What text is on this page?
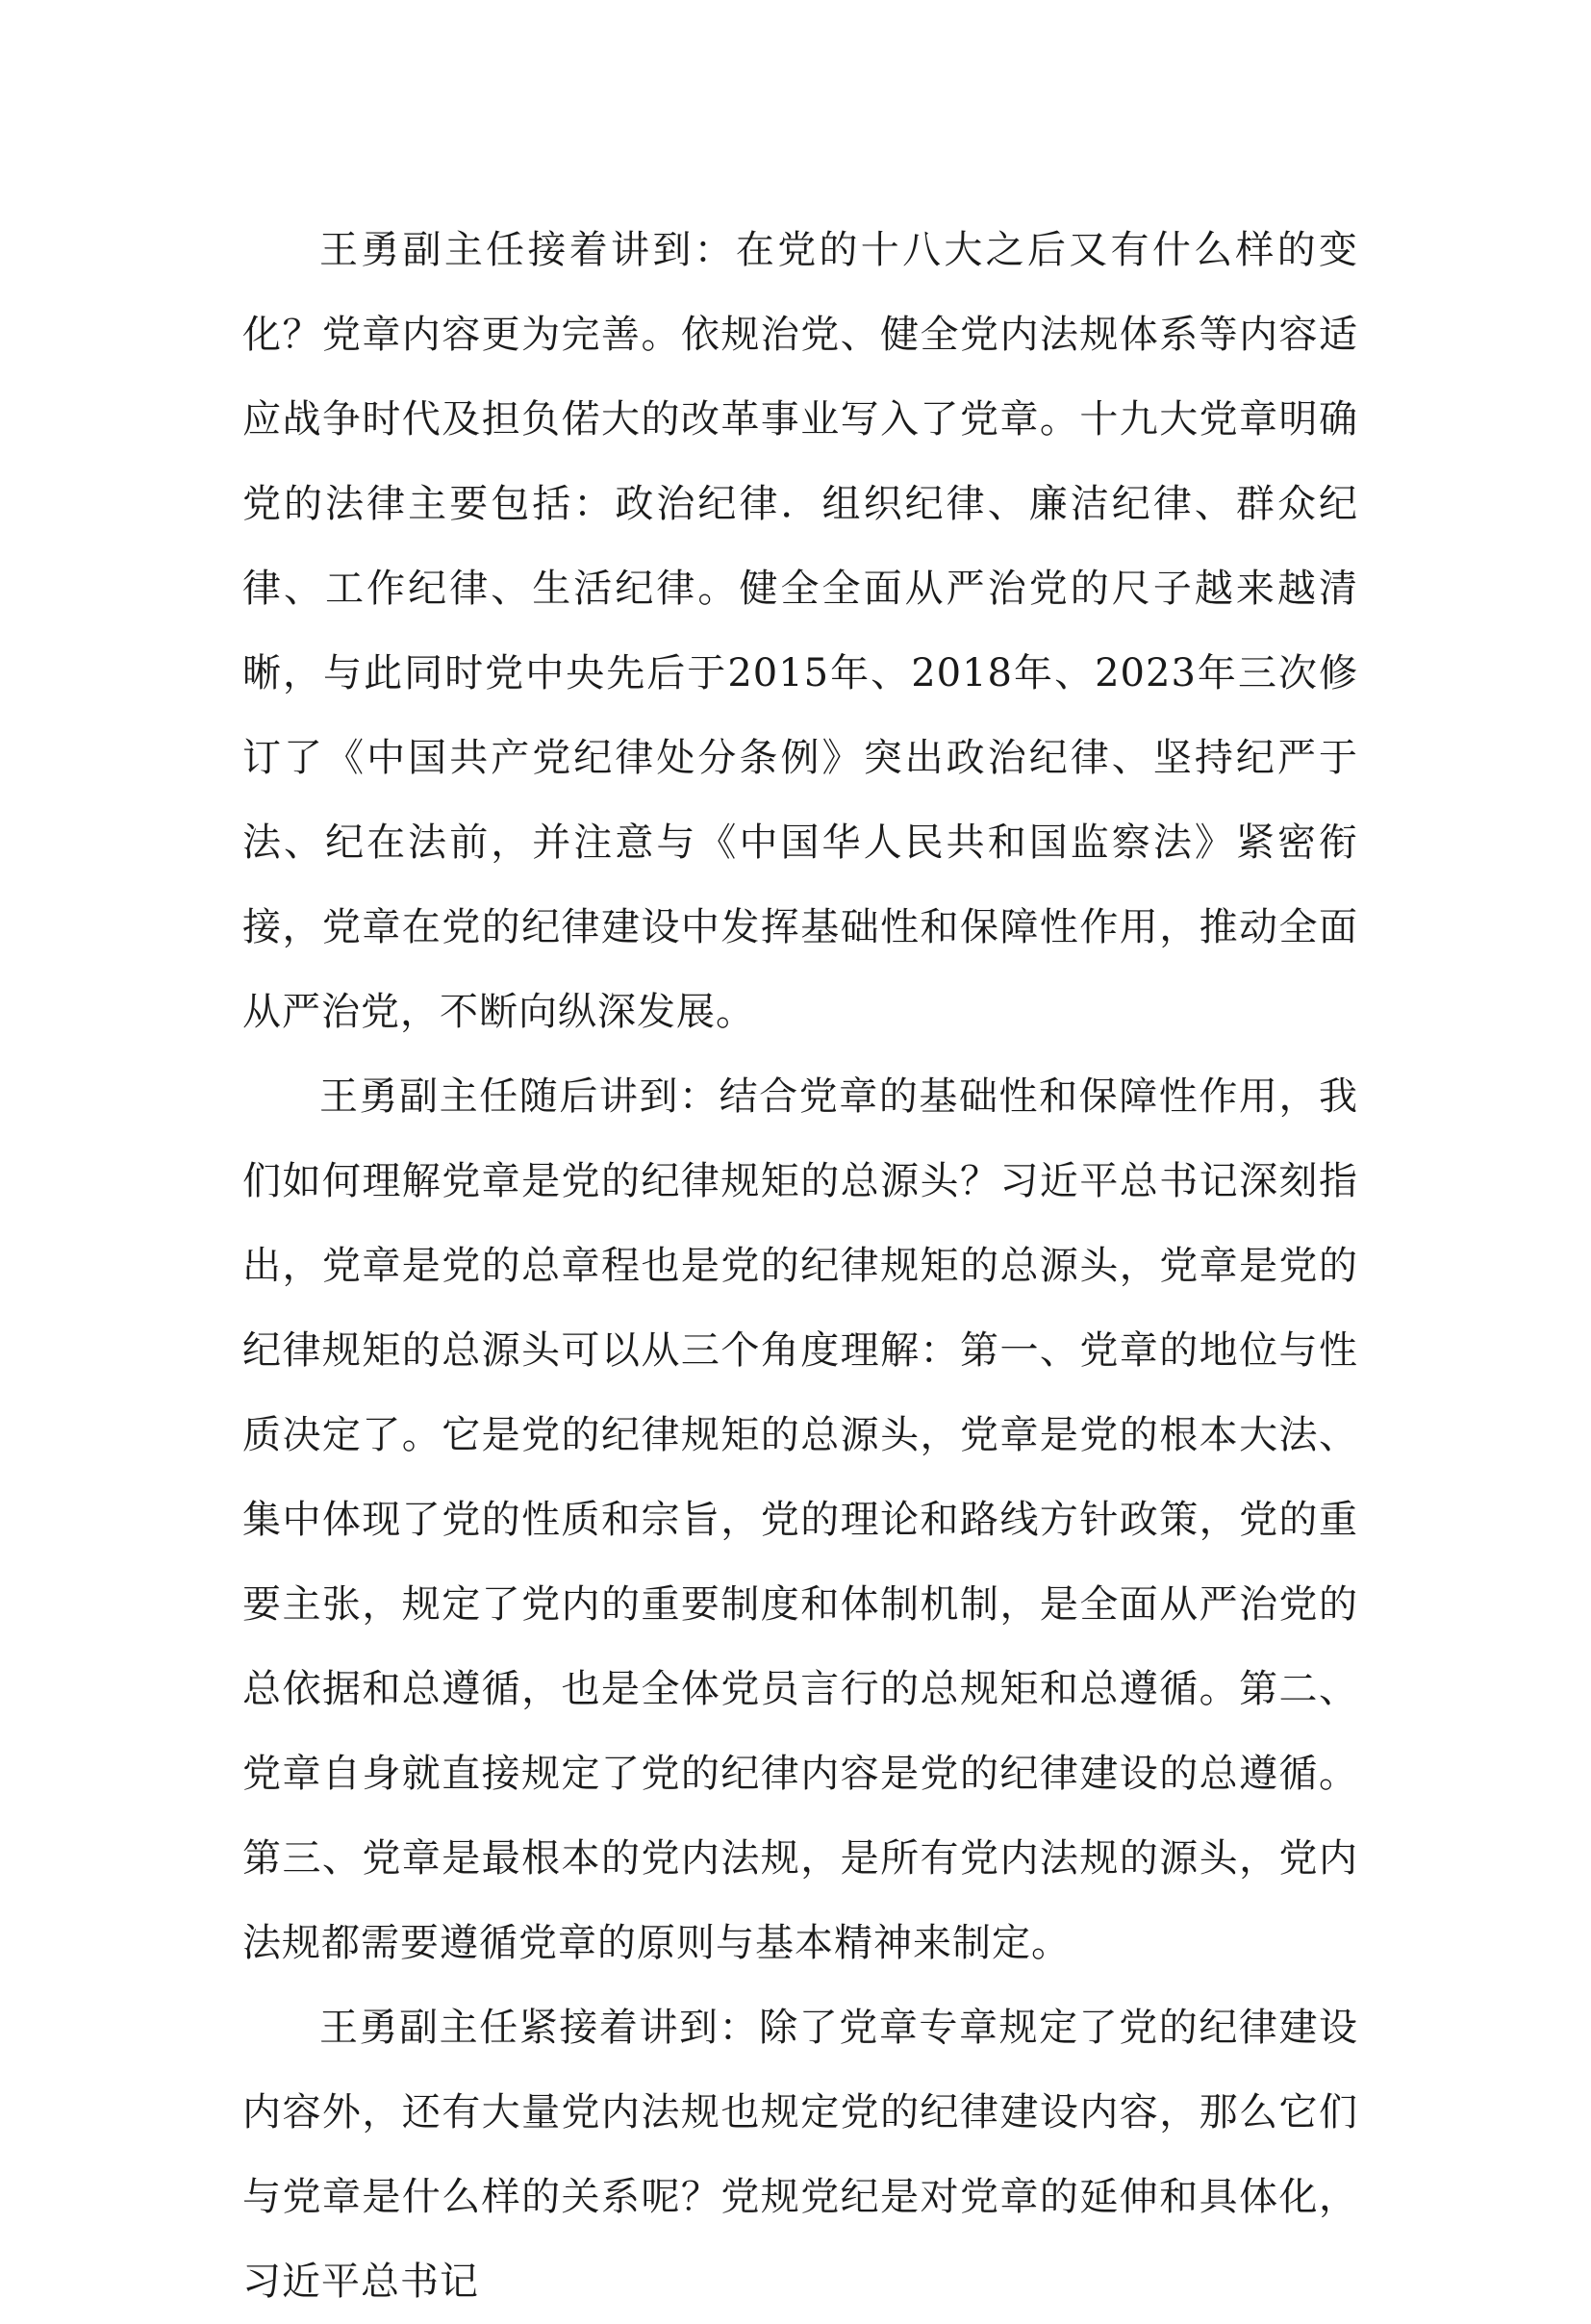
王勇副主任接着讲到：在党的十八大之后又有什么样的变化？党章内容更为完善。依规治党、健全党内法规体系等内容适应战争时代及担负偌大的改革事业写入了党章。十九大党章明确党的法律主要包括：政治纪律．组织纪律、廉洁纪律、群众纪律、工作纪律、生活纪律。健全全面从严治党的尺子越来越清晰，与此同时党中央先后于2015年、2018年、2023年三次修订了《中国共产党纪律处分条例》突出政治纪律、坚持纪严于法、纪在法前，并注意与《中国华人民共和国监察法》紧密衔接，党章在党的纪律建设中发挥基础性和保障性作用，推动全面从严治党，不断向纵深发展。

王勇副主任随后讲到：结合党章的基础性和保障性作用，我们如何理解党章是党的纪律规矩的总源头？习近平总书记深刻指出，党章是党的总章程也是党的纪律规矩的总源头，党章是党的纪律规矩的总源头可以从三个角度理解：第一、党章的地位与性质决定了。它是党的纪律规矩的总源头，党章是党的根本大法、集中体现了党的性质和宗旨，党的理论和路线方针政策，党的重要主张，规定了党内的重要制度和体制机制，是全面从严治党的总依据和总遵循，也是全体党员言行的总规矩和总遵循。第二、党章自身就直接规定了党的纪律内容是党的纪律建设的总遵循。第三、党章是最根本的党内法规，是所有党内法规的源头，党内法规都需要遵循党章的原则与基本精神来制定。

王勇副主任紧接着讲到：除了党章专章规定了党的纪律建设内容外，还有大量党内法规也规定党的纪律建设内容，那么它们与党章是什么样的关系呢？党规党纪是对党章的延伸和具体化，习近平总书记
